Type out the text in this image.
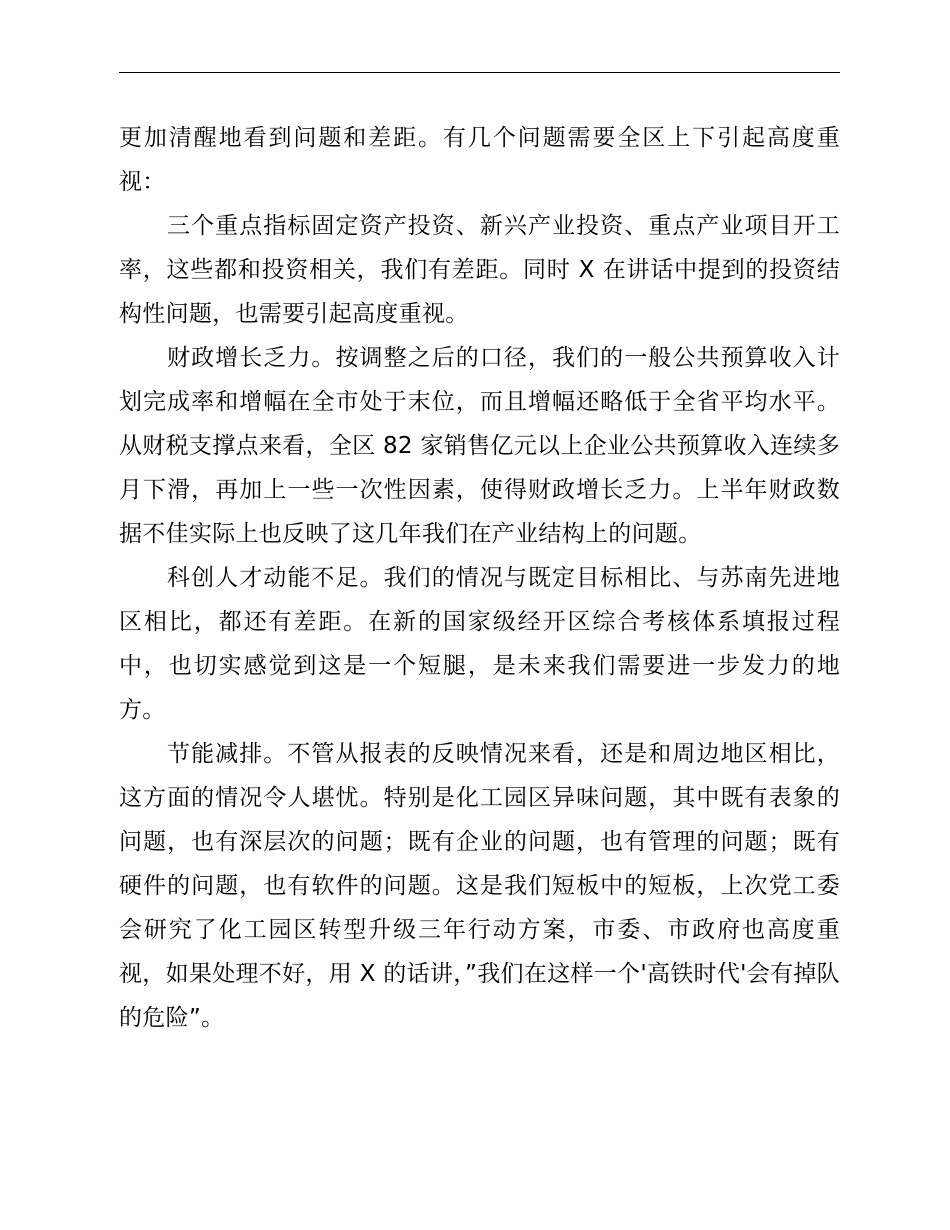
更加清醒地看到问题和差距。有几个问题需要全区上下引起高度重视：

三个重点指标固定资产投资、新兴产业投资、重点产业项目开工率，这些都和投资相关，我们有差距。同时 X 在讲话中提到的投资结构性问题，也需要引起高度重视。

财政增长乏力。按调整之后的口径，我们的一般公共预算收入计划完成率和增幅在全市处于末位，而且增幅还略低于全省平均水平。从财税支撑点来看，全区 82 家销售亿元以上企业公共预算收入连续多月下滑，再加上一些一次性因素，使得财政增长乏力。上半年财政数据不佳实际上也反映了这几年我们在产业结构上的问题。

科创人才动能不足。我们的情况与既定目标相比、与苏南先进地区相比，都还有差距。在新的国家级经开区综合考核体系填报过程中，也切实感觉到这是一个短腿，是未来我们需要进一步发力的地方。

节能减排。不管从报表的反映情况来看，还是和周边地区相比，这方面的情况令人堪忧。特别是化工园区异味问题，其中既有表象的问题，也有深层次的问题；既有企业的问题，也有管理的问题；既有硬件的问题，也有软件的问题。这是我们短板中的短板，上次党工委会研究了化工园区转型升级三年行动方案，市委、市政府也高度重视，如果处理不好，用 X 的话讲，”我们在这样一个'高铁时代'会有掉队的危险”。
